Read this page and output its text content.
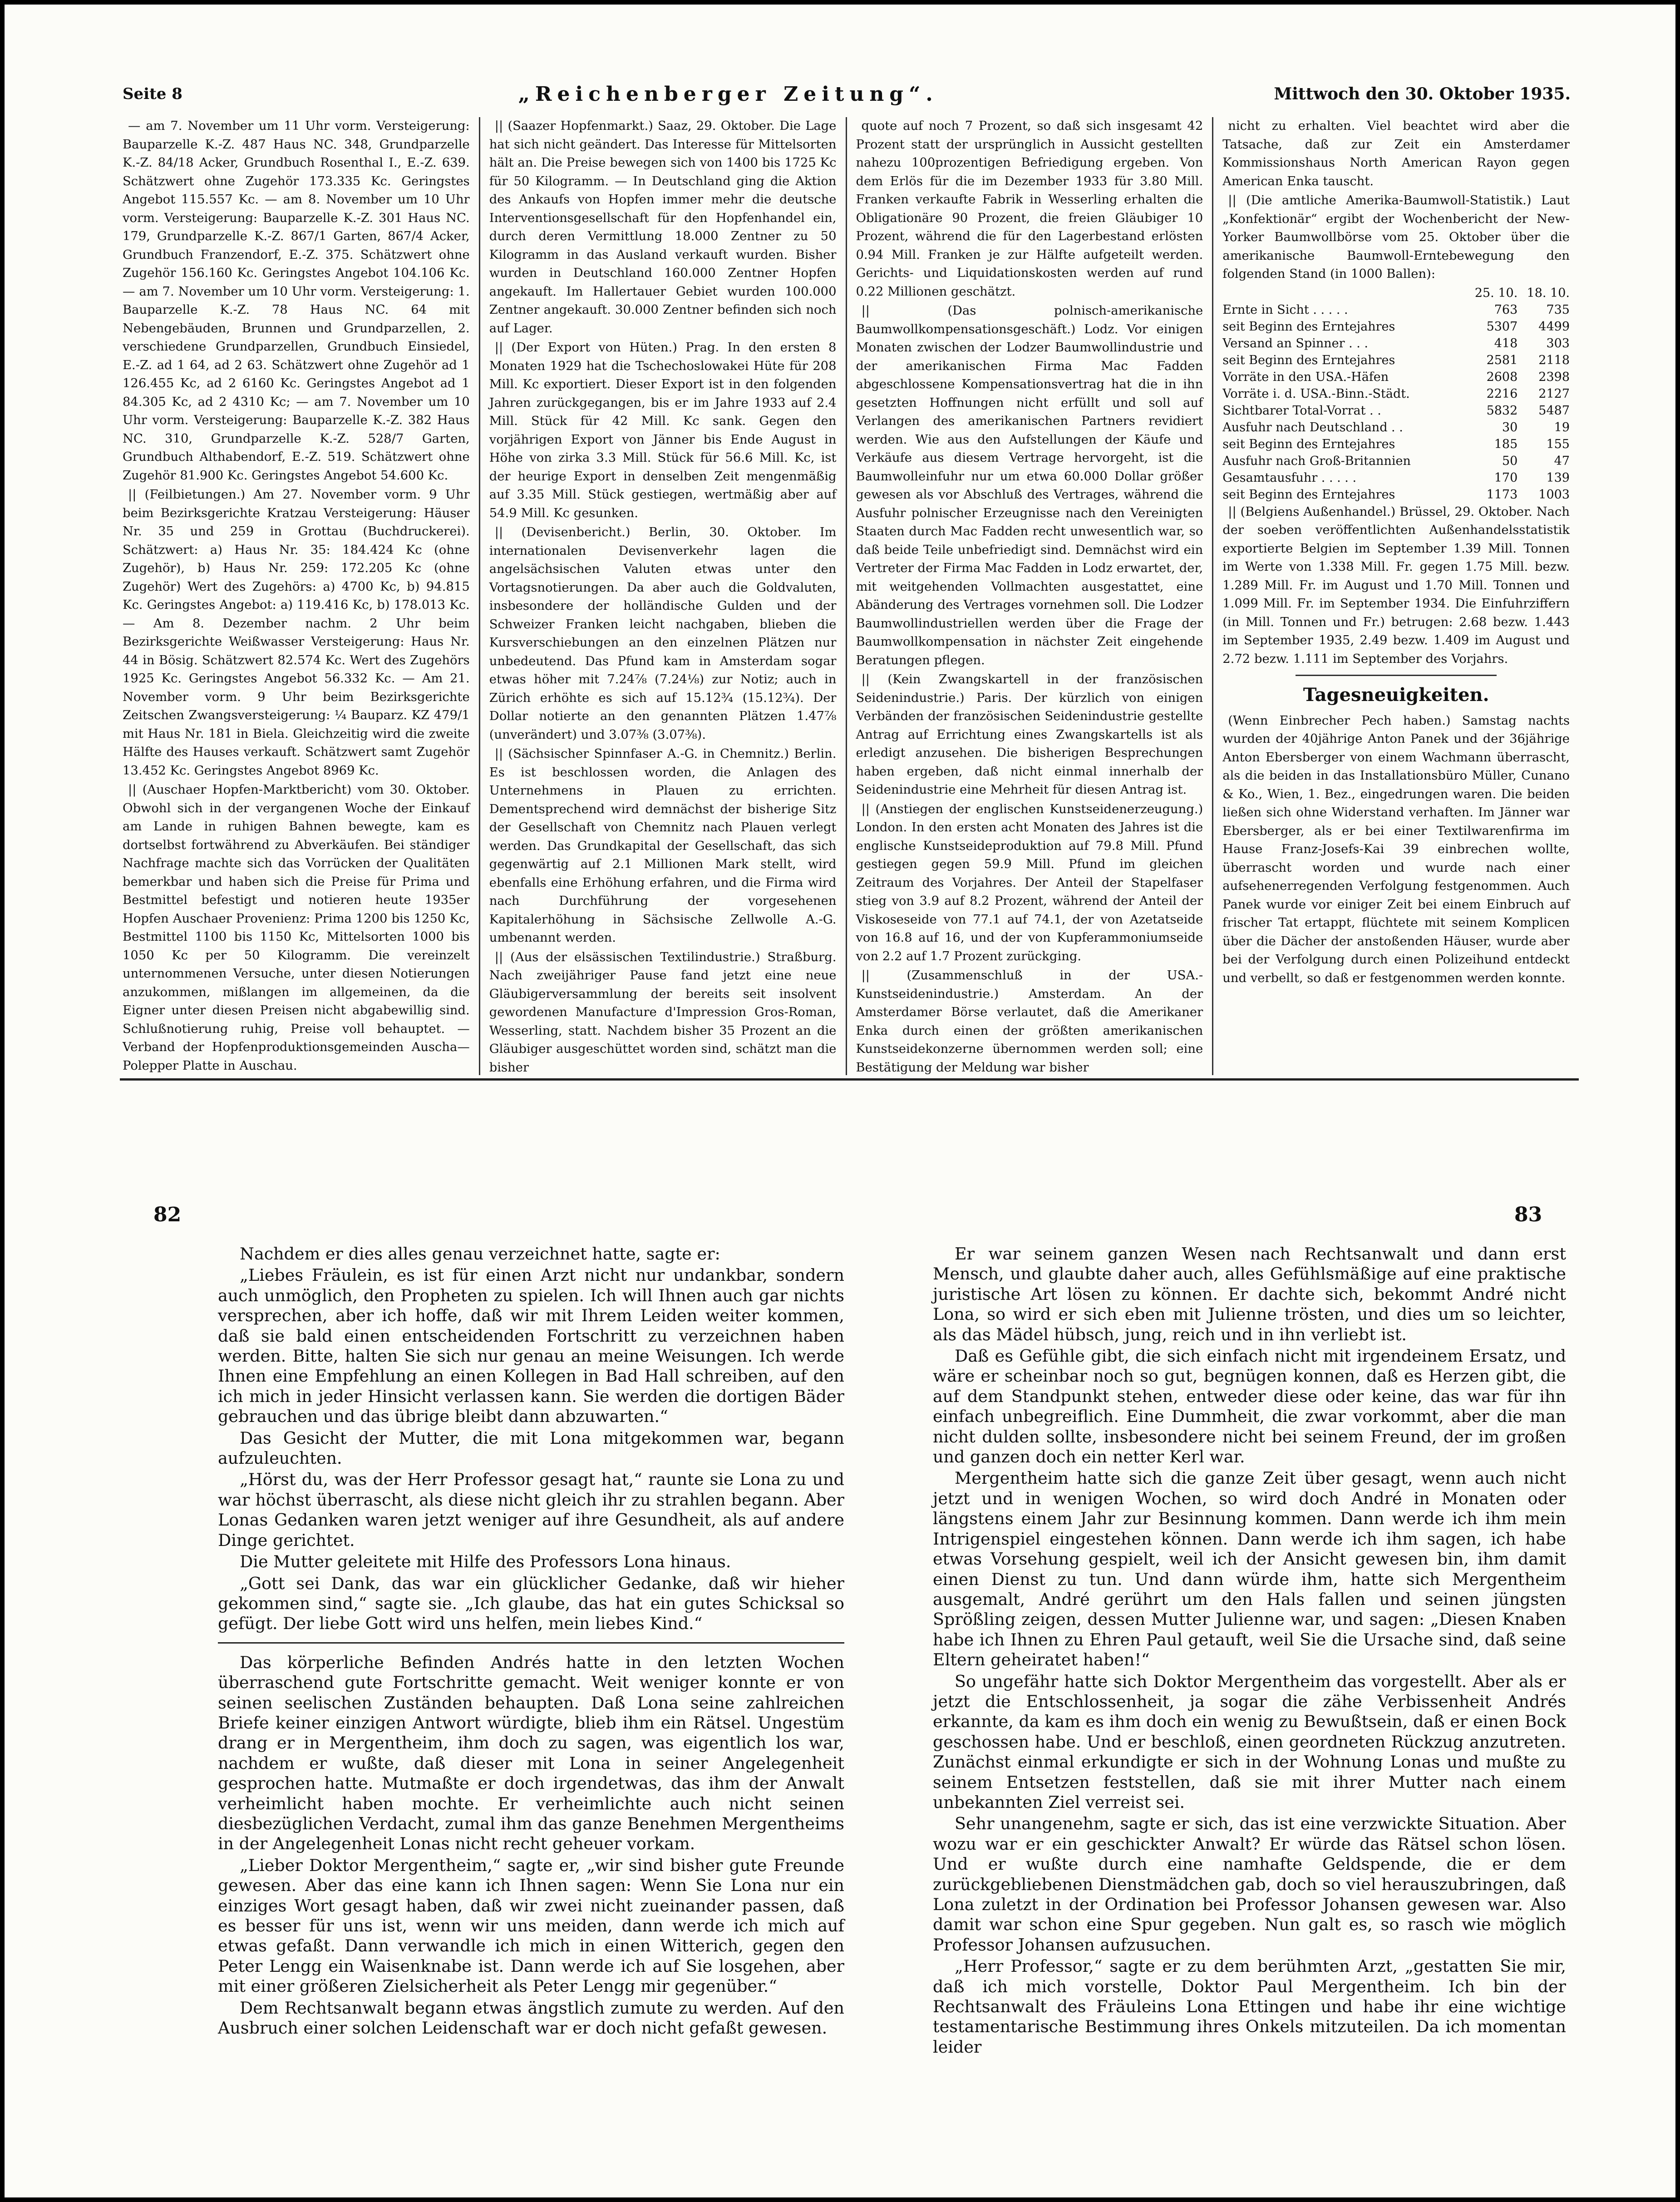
Seite 8	„Reichenberger Zeitung“.	Mittwoch den 30. Oktober 1935.

— am 7. November um 11 Uhr vorm. Versteigerung: Bauparzelle K.-Z. 487 Haus NC. 348, Grundparzelle K.-Z. 84/18 Acker, Grundbuch Rosenthal I., E.-Z. 639. Schätzwert ohne Zugehör 173.335 Kc. Geringstes Angebot 115.557 Kc. — am 8. November um 10 Uhr vorm. Versteigerung: Bauparzelle K.-Z. 301 Haus NC. 179, Grundparzelle K.-Z. 867/1 Garten, 867/4 Acker, Grundbuch Franzendorf, E.-Z. 375. Schätzwert ohne Zugehör 156.160 Kc. Geringstes Angebot 104.106 Kc. — am 7. November um 10 Uhr vorm. Versteigerung: 1. Bauparzelle K.-Z. 78 Haus NC. 64 mit Nebengebäuden, Brunnen und Grundparzellen, 2. verschiedene Grundparzellen, Grundbuch Einsiedel, E.-Z. ad 1 64, ad 2 63. Schätzwert ohne Zugehör ad 1 126.455 Kc, ad 2 6160 Kc. Geringstes Angebot ad 1 84.305 Kc, ad 2 4310 Kc; — am 7. November um 10 Uhr vorm. Versteigerung: Bauparzelle K.-Z. 382 Haus NC. 310, Grundparzelle K.-Z. 528/7 Garten, Grundbuch Althabendorf, E.-Z. 519. Schätzwert ohne Zugehör 81.900 Kc. Geringstes Angebot 54.600 Kc.

|| (Feilbietungen.) Am 27. November vorm. 9 Uhr beim Bezirksgerichte Kratzau Versteigerung: Häuser Nr. 35 und 259 in Grottau (Buchdruckerei). Schätzwert: a) Haus Nr. 35: 184.424 Kc (ohne Zugehör), b) Haus Nr. 259: 172.205 Kc (ohne Zugehör) Wert des Zugehörs: a) 4700 Kc, b) 94.815 Kc. Geringstes Angebot: a) 119.416 Kc, b) 178.013 Kc. — Am 8. Dezember nachm. 2 Uhr beim Bezirksgerichte Weißwasser Versteigerung: Haus Nr. 44 in Bösig. Schätzwert 82.574 Kc. Wert des Zugehörs 1925 Kc. Geringstes Angebot 56.332 Kc. — Am 21. November vorm. 9 Uhr beim Bezirksgerichte Zeitschen Zwangsversteigerung: ¼ Bauparz. KZ 479/1 mit Haus Nr. 181 in Biela. Gleichzeitig wird die zweite Hälfte des Hauses verkauft. Schätzwert samt Zugehör 13.452 Kc. Geringstes Angebot 8969 Kc.

|| (Auschaer Hopfen-Marktbericht) vom 30. Oktober. Obwohl sich in der vergangenen Woche der Einkauf am Lande in ruhigen Bahnen bewegte, kam es dortselbst fortwährend zu Abverkäufen. Bei ständiger Nachfrage machte sich das Vorrücken der Qualitäten bemerkbar und haben sich die Preise für Prima und Bestmittel befestigt und notieren heute 1935er Hopfen Auschaer Provenienz: Prima 1200 bis 1250 Kc, Bestmittel 1100 bis 1150 Kc, Mittelsorten 1000 bis 1050 Kc per 50 Kilogramm. Die vereinzelt unternommenen Versuche, unter diesen Notierungen anzukommen, mißlangen im allgemeinen, da die Eigner unter diesen Preisen nicht abgabewillig sind. Schlußnotierung ruhig, Preise voll behauptet. — Verband der Hopfenproduktionsgemeinden Auscha—Polepper Platte in Auschau.

|| (Saazer Hopfenmarkt.) Saaz, 29. Oktober. Die Lage hat sich nicht geändert. Das Interesse für Mittelsorten hält an. Die Preise bewegen sich von 1400 bis 1725 Kc für 50 Kilogramm. — In Deutschland ging die Aktion des Ankaufs von Hopfen immer mehr die deutsche Interventionsgesellschaft für den Hopfenhandel ein, durch deren Vermittlung 18.000 Zentner zu 50 Kilogramm in das Ausland verkauft wurden. Bisher wurden in Deutschland 160.000 Zentner Hopfen angekauft. Im Hallertauer Gebiet wurden 100.000 Zentner angekauft. 30.000 Zentner befinden sich noch auf Lager.

|| (Der Export von Hüten.) Prag. In den ersten 8 Monaten 1929 hat die Tschechoslowakei Hüte für 208 Mill. Kc exportiert. Dieser Export ist in den folgenden Jahren zurückgegangen, bis er im Jahre 1933 auf 2.4 Mill. Stück für 42 Mill. Kc sank. Gegen den vorjährigen Export von Jänner bis Ende August in Höhe von zirka 3.3 Mill. Stück für 56.6 Mill. Kc, ist der heurige Export in denselben Zeit mengenmäßig auf 3.35 Mill. Stück gestiegen, wertmäßig aber auf 54.9 Mill. Kc gesunken.

|| (Devisenbericht.) Berlin, 30. Oktober. Im internationalen Devisenverkehr lagen die angelsächsischen Valuten etwas unter den Vortagsnotierungen. Da aber auch die Goldvaluten, insbesondere der holländische Gulden und der Schweizer Franken leicht nachgaben, blieben die Kursverschiebungen an den einzelnen Plätzen nur unbedeutend. Das Pfund kam in Amsterdam sogar etwas höher mit 7.24⅞ (7.24⅛) zur Notiz; auch in Zürich erhöhte es sich auf 15.12¾ (15.12¾). Der Dollar notierte an den genannten Plätzen 1.47⅞ (unverändert) und 3.07⅜ (3.07⅜).

|| (Sächsischer Spinnfaser A.-G. in Chemnitz.) Berlin. Es ist beschlossen worden, die Anlagen des Unternehmens in Plauen zu errichten. Dementsprechend wird demnächst der bisherige Sitz der Gesellschaft von Chemnitz nach Plauen verlegt werden. Das Grundkapital der Gesellschaft, das sich gegenwärtig auf 2.1 Millionen Mark stellt, wird ebenfalls eine Erhöhung erfahren, und die Firma wird nach Durchführung der vorgesehenen Kapitalerhöhung in Sächsische Zellwolle A.-G. umbenannt werden.

|| (Aus der elsässischen Textilindustrie.) Straßburg. Nach zweijähriger Pause fand jetzt eine neue Gläubigerversammlung der bereits seit insolvent gewordenen Manufacture d'Impression Gros-Roman, Wesserling, statt. Nachdem bisher 35 Prozent an die Gläubiger ausgeschüttet worden sind, schätzt man die bisher

quote auf noch 7 Prozent, so daß sich insgesamt 42 Prozent statt der ursprünglich in Aussicht gestellten nahezu 100prozentigen Befriedigung ergeben. Von dem Erlös für die im Dezember 1933 für 3.80 Mill. Franken verkaufte Fabrik in Wesserling erhalten die Obligationäre 90 Prozent, die freien Gläubiger 10 Prozent, während die für den Lagerbestand erlösten 0.94 Mill. Franken je zur Hälfte aufgeteilt werden. Gerichts- und Liquidationskosten werden auf rund 0.22 Millionen geschätzt.

|| (Das polnisch-amerikanische Baumwollkompensationsgeschäft.) Lodz. Vor einigen Monaten zwischen der Lodzer Baumwollindustrie und der amerikanischen Firma Mac Fadden abgeschlossene Kompensationsvertrag hat die in ihn gesetzten Hoffnungen nicht erfüllt und soll auf Verlangen des amerikanischen Partners revidiert werden. Wie aus den Aufstellungen der Käufe und Verkäufe aus diesem Vertrage hervorgeht, ist die Baumwolleinfuhr nur um etwa 60.000 Dollar größer gewesen als vor Abschluß des Vertrages, während die Ausfuhr polnischer Erzeugnisse nach den Vereinigten Staaten durch Mac Fadden recht unwesentlich war, so daß beide Teile unbefriedigt sind. Demnächst wird ein Vertreter der Firma Mac Fadden in Lodz erwartet, der, mit weitgehenden Vollmachten ausgestattet, eine Abänderung des Vertrages vornehmen soll. Die Lodzer Baumwollindustriellen werden über die Frage der Baumwollkompensation in nächster Zeit eingehende Beratungen pflegen.

|| (Kein Zwangskartell in der französischen Seidenindustrie.) Paris. Der kürzlich von einigen Verbänden der französischen Seidenindustrie gestellte Antrag auf Errichtung eines Zwangskartells ist als erledigt anzusehen. Die bisherigen Besprechungen haben ergeben, daß nicht einmal innerhalb der Seidenindustrie eine Mehrheit für diesen Antrag ist.

|| (Anstiegen der englischen Kunstseidenerzeugung.) London. In den ersten acht Monaten des Jahres ist die englische Kunstseideproduktion auf 79.8 Mill. Pfund gestiegen gegen 59.9 Mill. Pfund im gleichen Zeitraum des Vorjahres. Der Anteil der Stapelfaser stieg von 3.9 auf 8.2 Prozent, während der Anteil der Viskoseseide von 77.1 auf 74.1, der von Azetatseide von 16.8 auf 16, und der von Kupferammoniumseide von 2.2 auf 1.7 Prozent zurückging.

|| (Zusammenschluß in der USA.-Kunstseidenindustrie.) Amsterdam. An der Amsterdamer Börse verlautet, daß die Amerikaner Enka durch einen der größten amerikanischen Kunstseidekonzerne übernommen werden soll; eine Bestätigung der Meldung war bisher

nicht zu erhalten. Viel beachtet wird aber die Tatsache, daß zur Zeit ein Amsterdamer Kommissionshaus North American Rayon gegen American Enka tauscht.

|| (Die amtliche Amerika-Baumwoll-Statistik.) Laut „Konfektionär“ ergibt der Wochenbericht der New-Yorker Baumwollbörse vom 25. Oktober über die amerikanische Baumwoll-Erntebewegung den folgenden Stand (in 1000 Ballen):

	25. 10.	18. 10.
Ernte in Sicht . . . . .	763	735
seit Beginn des Erntejahres	5307	4499
Versand an Spinner . . .	418	303
seit Beginn des Erntejahres	2581	2118
Vorräte in den USA.-Häfen	2608	2398
Vorräte i. d. USA.-Binn.-Städt.	2216	2127
Sichtbarer Total-Vorrat . .	5832	5487
Ausfuhr nach Deutschland . .	30	19
seit Beginn des Erntejahres	185	155
Ausfuhr nach Groß-Britannien	50	47
Gesamtausfuhr . . . . .	170	139
seit Beginn des Erntejahres	1173	1003

|| (Belgiens Außenhandel.) Brüssel, 29. Oktober. Nach der soeben veröffentlichten Außenhandelsstatistik exportierte Belgien im September 1.39 Mill. Tonnen im Werte von 1.338 Mill. Fr. gegen 1.75 Mill. bezw. 1.289 Mill. Fr. im August und 1.70 Mill. Tonnen und 1.099 Mill. Fr. im September 1934. Die Einfuhrziffern (in Mill. Tonnen und Fr.) betrugen: 2.68 bezw. 1.443 im September 1935, 2.49 bezw. 1.409 im August und 2.72 bezw. 1.111 im September des Vorjahrs.

Tagesneuigkeiten.

(Wenn Einbrecher Pech haben.) Samstag nachts wurden der 40jährige Anton Panek und der 36jährige Anton Ebersberger von einem Wachmann überrascht, als die beiden in das Installationsbüro Müller, Cunano & Ko., Wien, 1. Bez., eingedrungen waren. Die beiden ließen sich ohne Widerstand verhaften. Im Jänner war Ebersberger, als er bei einer Textilwarenfirma im Hause Franz-Josefs-Kai 39 einbrechen wollte, überrascht worden und wurde nach einer aufsehenerregenden Verfolgung festgenommen. Auch Panek wurde vor einiger Zeit bei einem Einbruch auf frischer Tat ertappt, flüchtete mit seinem Komplicen über die Dächer der anstoßenden Häuser, wurde aber bei der Verfolgung durch einen Polizeihund entdeckt und verbellt, so daß er festgenommen werden konnte.

82	83

Nachdem er dies alles genau verzeichnet hatte, sagte er:

„Liebes Fräulein, es ist für einen Arzt nicht nur undankbar, sondern auch unmöglich, den Propheten zu spielen. Ich will Ihnen auch gar nichts versprechen, aber ich hoffe, daß wir mit Ihrem Leiden weiter kommen, daß sie bald einen entscheidenden Fortschritt zu verzeichnen haben werden. Bitte, halten Sie sich nur genau an meine Weisungen. Ich werde Ihnen eine Empfehlung an einen Kollegen in Bad Hall schreiben, auf den ich mich in jeder Hinsicht verlassen kann. Sie werden die dortigen Bäder gebrauchen und das übrige bleibt dann abzuwarten.“

Das Gesicht der Mutter, die mit Lona mitgekommen war, begann aufzuleuchten.

„Hörst du, was der Herr Professor gesagt hat,“ raunte sie Lona zu und war höchst überrascht, als diese nicht gleich ihr zu strahlen begann. Aber Lonas Gedanken waren jetzt weniger auf ihre Gesundheit, als auf andere Dinge gerichtet.

Die Mutter geleitete mit Hilfe des Professors Lona hinaus.

„Gott sei Dank, das war ein glücklicher Gedanke, daß wir hieher gekommen sind,“ sagte sie. „Ich glaube, das hat ein gutes Schicksal so gefügt. Der liebe Gott wird uns helfen, mein liebes Kind.“

Das körperliche Befinden Andrés hatte in den letzten Wochen überraschend gute Fortschritte gemacht. Weit weniger konnte er von seinen seelischen Zuständen behaupten. Daß Lona seine zahlreichen Briefe keiner einzigen Antwort würdigte, blieb ihm ein Rätsel. Ungestüm drang er in Mergentheim, ihm doch zu sagen, was eigentlich los war, nachdem er wußte, daß dieser mit Lona in seiner Angelegenheit gesprochen hatte. Mutmaßte er doch irgendetwas, das ihm der Anwalt verheimlicht haben mochte. Er verheimlichte auch nicht seinen diesbezüglichen Verdacht, zumal ihm das ganze Benehmen Mergentheims in der Angelegenheit Lonas nicht recht geheuer vorkam.

„Lieber Doktor Mergentheim,“ sagte er, „wir sind bisher gute Freunde gewesen. Aber das eine kann ich Ihnen sagen: Wenn Sie Lona nur ein einziges Wort gesagt haben, daß wir zwei nicht zueinander passen, daß es besser für uns ist, wenn wir uns meiden, dann werde ich mich auf etwas gefaßt. Dann verwandle ich mich in einen Witterich, gegen den Peter Lengg ein Waisenknabe ist. Dann werde ich auf Sie losgehen, aber mit einer größeren Zielsicherheit als Peter Lengg mir gegenüber.“

Dem Rechtsanwalt begann etwas ängstlich zumute zu werden. Auf den Ausbruch einer solchen Leidenschaft war er doch nicht gefaßt gewesen.

Er war seinem ganzen Wesen nach Rechtsanwalt und dann erst Mensch, und glaubte daher auch, alles Gefühlsmäßige auf eine praktische juristische Art lösen zu können. Er dachte sich, bekommt André nicht Lona, so wird er sich eben mit Julienne trösten, und dies um so leichter, als das Mädel hübsch, jung, reich und in ihn verliebt ist.

Daß es Gefühle gibt, die sich einfach nicht mit irgendeinem Ersatz, und wäre er scheinbar noch so gut, begnügen konnen, daß es Herzen gibt, die auf dem Standpunkt stehen, entweder diese oder keine, das war für ihn einfach unbegreiflich. Eine Dummheit, die zwar vorkommt, aber die man nicht dulden sollte, insbesondere nicht bei seinem Freund, der im großen und ganzen doch ein netter Kerl war.

Mergentheim hatte sich die ganze Zeit über gesagt, wenn auch nicht jetzt und in wenigen Wochen, so wird doch André in Monaten oder längstens einem Jahr zur Besinnung kommen. Dann werde ich ihm mein Intrigenspiel eingestehen können. Dann werde ich ihm sagen, ich habe etwas Vorsehung gespielt, weil ich der Ansicht gewesen bin, ihm damit einen Dienst zu tun. Und dann würde ihm, hatte sich Mergentheim ausgemalt, André gerührt um den Hals fallen und seinen jüngsten Sprößling zeigen, dessen Mutter Julienne war, und sagen: „Diesen Knaben habe ich Ihnen zu Ehren Paul getauft, weil Sie die Ursache sind, daß seine Eltern geheiratet haben!“

So ungefähr hatte sich Doktor Mergentheim das vorgestellt. Aber als er jetzt die Entschlossenheit, ja sogar die zähe Verbissenheit Andrés erkannte, da kam es ihm doch ein wenig zu Bewußtsein, daß er einen Bock geschossen habe. Und er beschloß, einen geordneten Rückzug anzutreten. Zunächst einmal erkundigte er sich in der Wohnung Lonas und mußte zu seinem Entsetzen feststellen, daß sie mit ihrer Mutter nach einem unbekannten Ziel verreist sei.

Sehr unangenehm, sagte er sich, das ist eine verzwickte Situation. Aber wozu war er ein geschickter Anwalt? Er würde das Rätsel schon lösen. Und er wußte durch eine namhafte Geldspende, die er dem zurückgebliebenen Dienstmädchen gab, doch so viel herauszubringen, daß Lona zuletzt in der Ordination bei Professor Johansen gewesen war. Also damit war schon eine Spur gegeben. Nun galt es, so rasch wie möglich Professor Johansen aufzusuchen.

„Herr Professor,“ sagte er zu dem berühmten Arzt, „gestatten Sie mir, daß ich mich vorstelle, Doktor Paul Mergentheim. Ich bin der Rechtsanwalt des Fräuleins Lona Ettingen und habe ihr eine wichtige testamentarische Bestimmung ihres Onkels mitzuteilen. Da ich momentan leider
